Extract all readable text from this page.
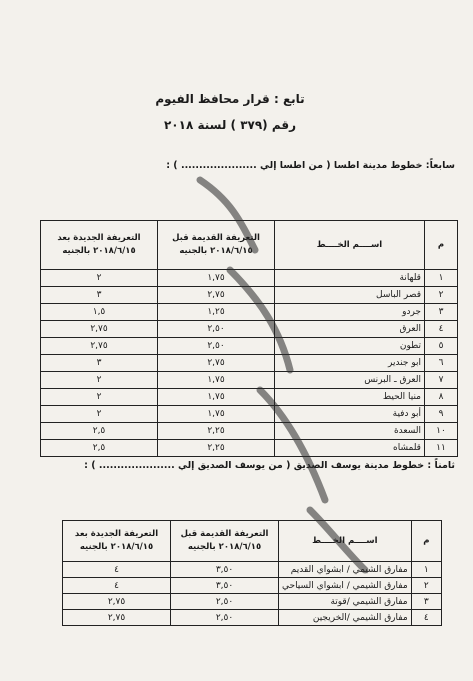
تابع : قرار محافظ الفيوم
رقم (٣٧٩ ) لسنة ٢٠١٨
سابعاً: خطوط مدينة اطسا ( من اطسا إلي ..................... ) :
م	اســــم الخــــط	التعريفة القديمة قبل ٢٠١٨/٦/١٥ بالجنيه	التعريفة الجديدة بعد ٢٠١٨/٦/١٥ بالجنيه
١	قلهانة	١,٧٥	٢
٢	قصر الباسل	٢,٧٥	٣
٣	جردو	١,٢٥	١,٥
٤	العرق	٢,٥٠	٢,٧٥
٥	تطون	٢,٥٠	٢,٧٥
٦	ابو جندير	٢,٧٥	٣
٧	العرق ـ البرنس	١,٧٥	٢
٨	منيا الحيط	١,٧٥	٢
٩	أبو دفية	١,٧٥	٢
١٠	السعدة	٢,٢٥	٢,٥
١١	قلمشاه	٢,٢٥	٢,٥
ثامناً : خطوط مدينة يوسف الصديق ( من يوسف الصديق إلي ..................... ) :
م	اســــم الخــــط	التعريفة القديمة قبل ٢٠١٨/٦/١٥ بالجنيه	التعريفة الجديدة بعد ٢٠١٨/٦/١٥ بالجنيه
١	مفارق الشيمي / ابشواي القديم	٣,٥٠	٤
٢	مفارق الشيمي / ابشواي السياحي	٣,٥٠	٤
٣	مفارق الشيمي /قوتة	٢,٥٠	٢,٧٥
٤	مفارق الشيمي /الخريجين	٢,٥٠	٢,٧٥
